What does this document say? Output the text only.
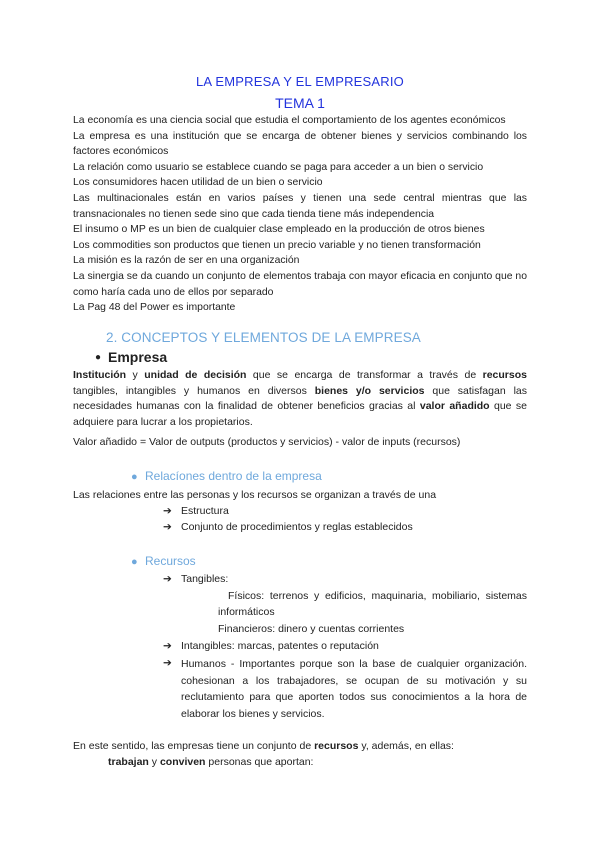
LA EMPRESA Y EL EMPRESARIO
TEMA 1
La economía es una ciencia social que estudia el comportamiento de los agentes económicos
La empresa es una institución que se encarga de obtener bienes y servicios combinando los factores económicos
La relación como usuario se establece cuando se paga para acceder a un bien o servicio
Los consumidores hacen utilidad de un bien o servicio
Las multinacionales están en varios países y tienen una sede central mientras que las transnacionales no tienen sede sino que cada tienda tiene más independencia
El insumo o MP es un bien de cualquier clase empleado en la producción de otros bienes
Los commodities son productos que tienen un precio variable y no tienen transformación
La misión es la razón de ser en una organización
La sinergia se da cuando un conjunto de elementos trabaja con mayor eficacia en conjunto que no como haría cada uno de ellos por separado
La Pag 48 del Power es importante
2. CONCEPTOS Y ELEMENTOS DE LA EMPRESA
● Empresa
Institución y unidad de decisión que se encarga de transformar a través de recursos tangibles, intangibles y humanos en diversos bienes y/o servicios que satisfagan las necesidades humanas con la finalidad de obtener beneficios gracias al valor añadido que se adquiere para lucrar a los propietarios.
Valor añadido = Valor de outputs (productos y servicios) - valor de inputs (recursos)
● Relacíones dentro de la empresa
Las relaciones entre las personas y los recursos se organizan a través de una
➔ Estructura
➔ Conjunto de procedimientos y reglas establecidos
● Recursos
➔ Tangibles:
Físicos: terrenos y edificios, maquinaria, mobiliario, sistemas informáticos
Financieros: dinero y cuentas corrientes
➔ Intangibles: marcas, patentes o reputación
➔ Humanos - Importantes porque son la base de cualquier organización. cohesionan a los trabajadores, se ocupan de su motivación y su reclutamiento para que aporten todos sus conocimientos a la hora de elaborar los bienes y servicios.
En este sentido, las empresas tiene un conjunto de recursos y, además, en ellas:
trabajan y conviven personas que aportan:
